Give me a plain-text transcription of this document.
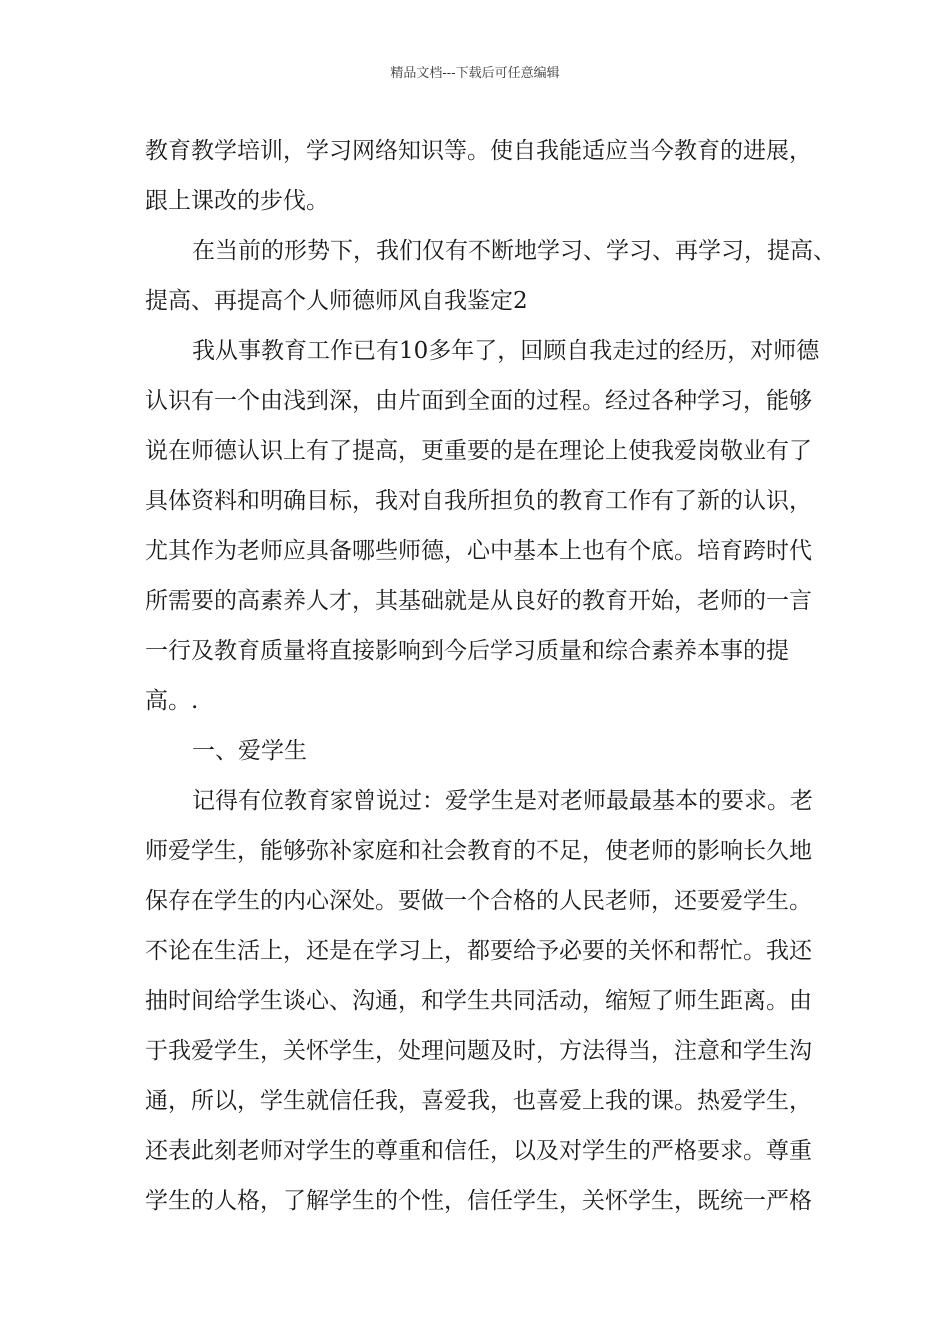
精品文档---下载后可任意编辑
教育教学培训，学习网络知识等。使自我能适应当今教育的进展，
跟上课改的步伐。
在当前的形势下，我们仅有不断地学习、学习、再学习，提高、
提高、再提高个人师德师风自我鉴定2
我从事教育工作已有10多年了，回顾自我走过的经历，对师德
认识有一个由浅到深，由片面到全面的过程。经过各种学习，能够
说在师德认识上有了提高，更重要的是在理论上使我爱岗敬业有了
具体资料和明确目标，我对自我所担负的教育工作有了新的认识，
尤其作为老师应具备哪些师德，心中基本上也有个底。培育跨时代
所需要的高素养人才，其基础就是从良好的教育开始，老师的一言
一行及教育质量将直接影响到今后学习质量和综合素养本事的提
高。.
一、爱学生
记得有位教育家曾说过：爱学生是对老师最最基本的要求。老
师爱学生，能够弥补家庭和社会教育的不足，使老师的影响长久地
保存在学生的内心深处。要做一个合格的人民老师，还要爱学生。
不论在生活上，还是在学习上，都要给予必要的关怀和帮忙。我还
抽时间给学生谈心、沟通，和学生共同活动，缩短了师生距离。由
于我爱学生，关怀学生，处理问题及时，方法得当，注意和学生沟
通，所以，学生就信任我，喜爱我，也喜爱上我的课。热爱学生，
还表此刻老师对学生的尊重和信任，以及对学生的严格要求。尊重
学生的人格，了解学生的个性，信任学生，关怀学生，既统一严格
